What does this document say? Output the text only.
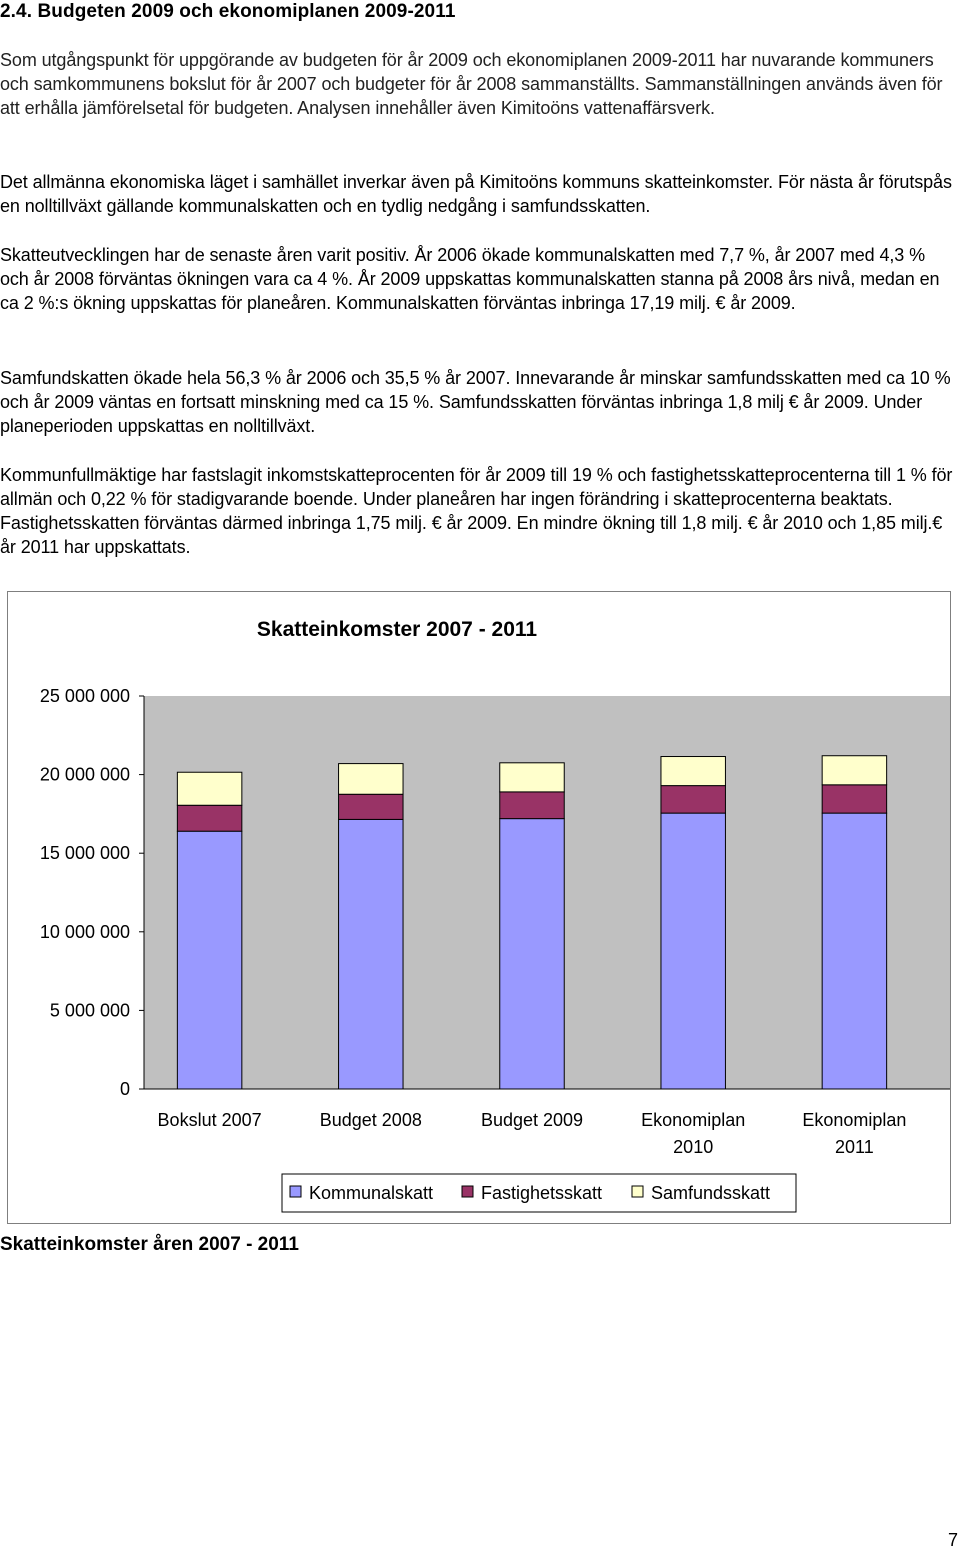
2.4. Budgeten 2009 och ekonomiplanen 2009-2011

Som utgångspunkt för uppgörande av budgeten för år 2009 och ekonomiplanen 2009-2011 har nuvarande kommuners och samkommunens bokslut för år 2007 och budgeter för år 2008 sammanställts. Sammanställningen används även för att erhålla jämförelsetal för budgeten. Analysen innehåller även Kimitoöns vattenaffärsverk.

Det allmänna ekonomiska läget i samhället inverkar även på Kimitoöns kommuns skatteinkomster. För nästa år förutspås en nolltillväxt gällande kommunalskatten och en tydlig nedgång i samfundsskatten.

Skatteutvecklingen har de senaste åren varit positiv. År 2006 ökade kommunalskatten med 7,7 %, år 2007 med 4,3 % och år 2008 förväntas ökningen vara ca 4 %. År 2009 uppskattas kommunalskatten stanna på 2008 års nivå, medan en ca 2 %:s ökning uppskattas för planeåren. Kommunalskatten förväntas inbringa 17,19 milj. € år 2009.

Samfundskatten ökade hela 56,3 % år 2006 och 35,5 % år 2007. Innevarande år minskar samfundsskatten med ca 10 % och år 2009 väntas en fortsatt minskning med ca 15 %. Samfundsskatten förväntas inbringa 1,8 milj € år 2009. Under planeperioden uppskattas en nolltillväxt.

Kommunfullmäktige har fastslagit inkomstskatteprocenten för år 2009 till 19 % och fastighetsskatteprocenterna till 1 % för allmän och 0,22 % för stadigvarande boende. Under planeåren har ingen förändring i skatteprocenterna beaktats. Fastighetsskatten förväntas därmed inbringa 1,75 milj. € år 2009. En mindre ökning till 1,8 milj. € år 2010 och 1,85 milj.€ år 2011 har uppskattats.

Skatteinkomster 2007 - 2011
0
5 000 000
10 000 000
15 000 000
20 000 000
25 000 000
Bokslut 2007	Budget 2008	Budget 2009	Ekonomiplan
2010
Ekonomiplan
2011
Kommunalskatt	Fastighetsskatt	Samfundsskatt

Skatteinkomster åren 2007 - 2011

7
